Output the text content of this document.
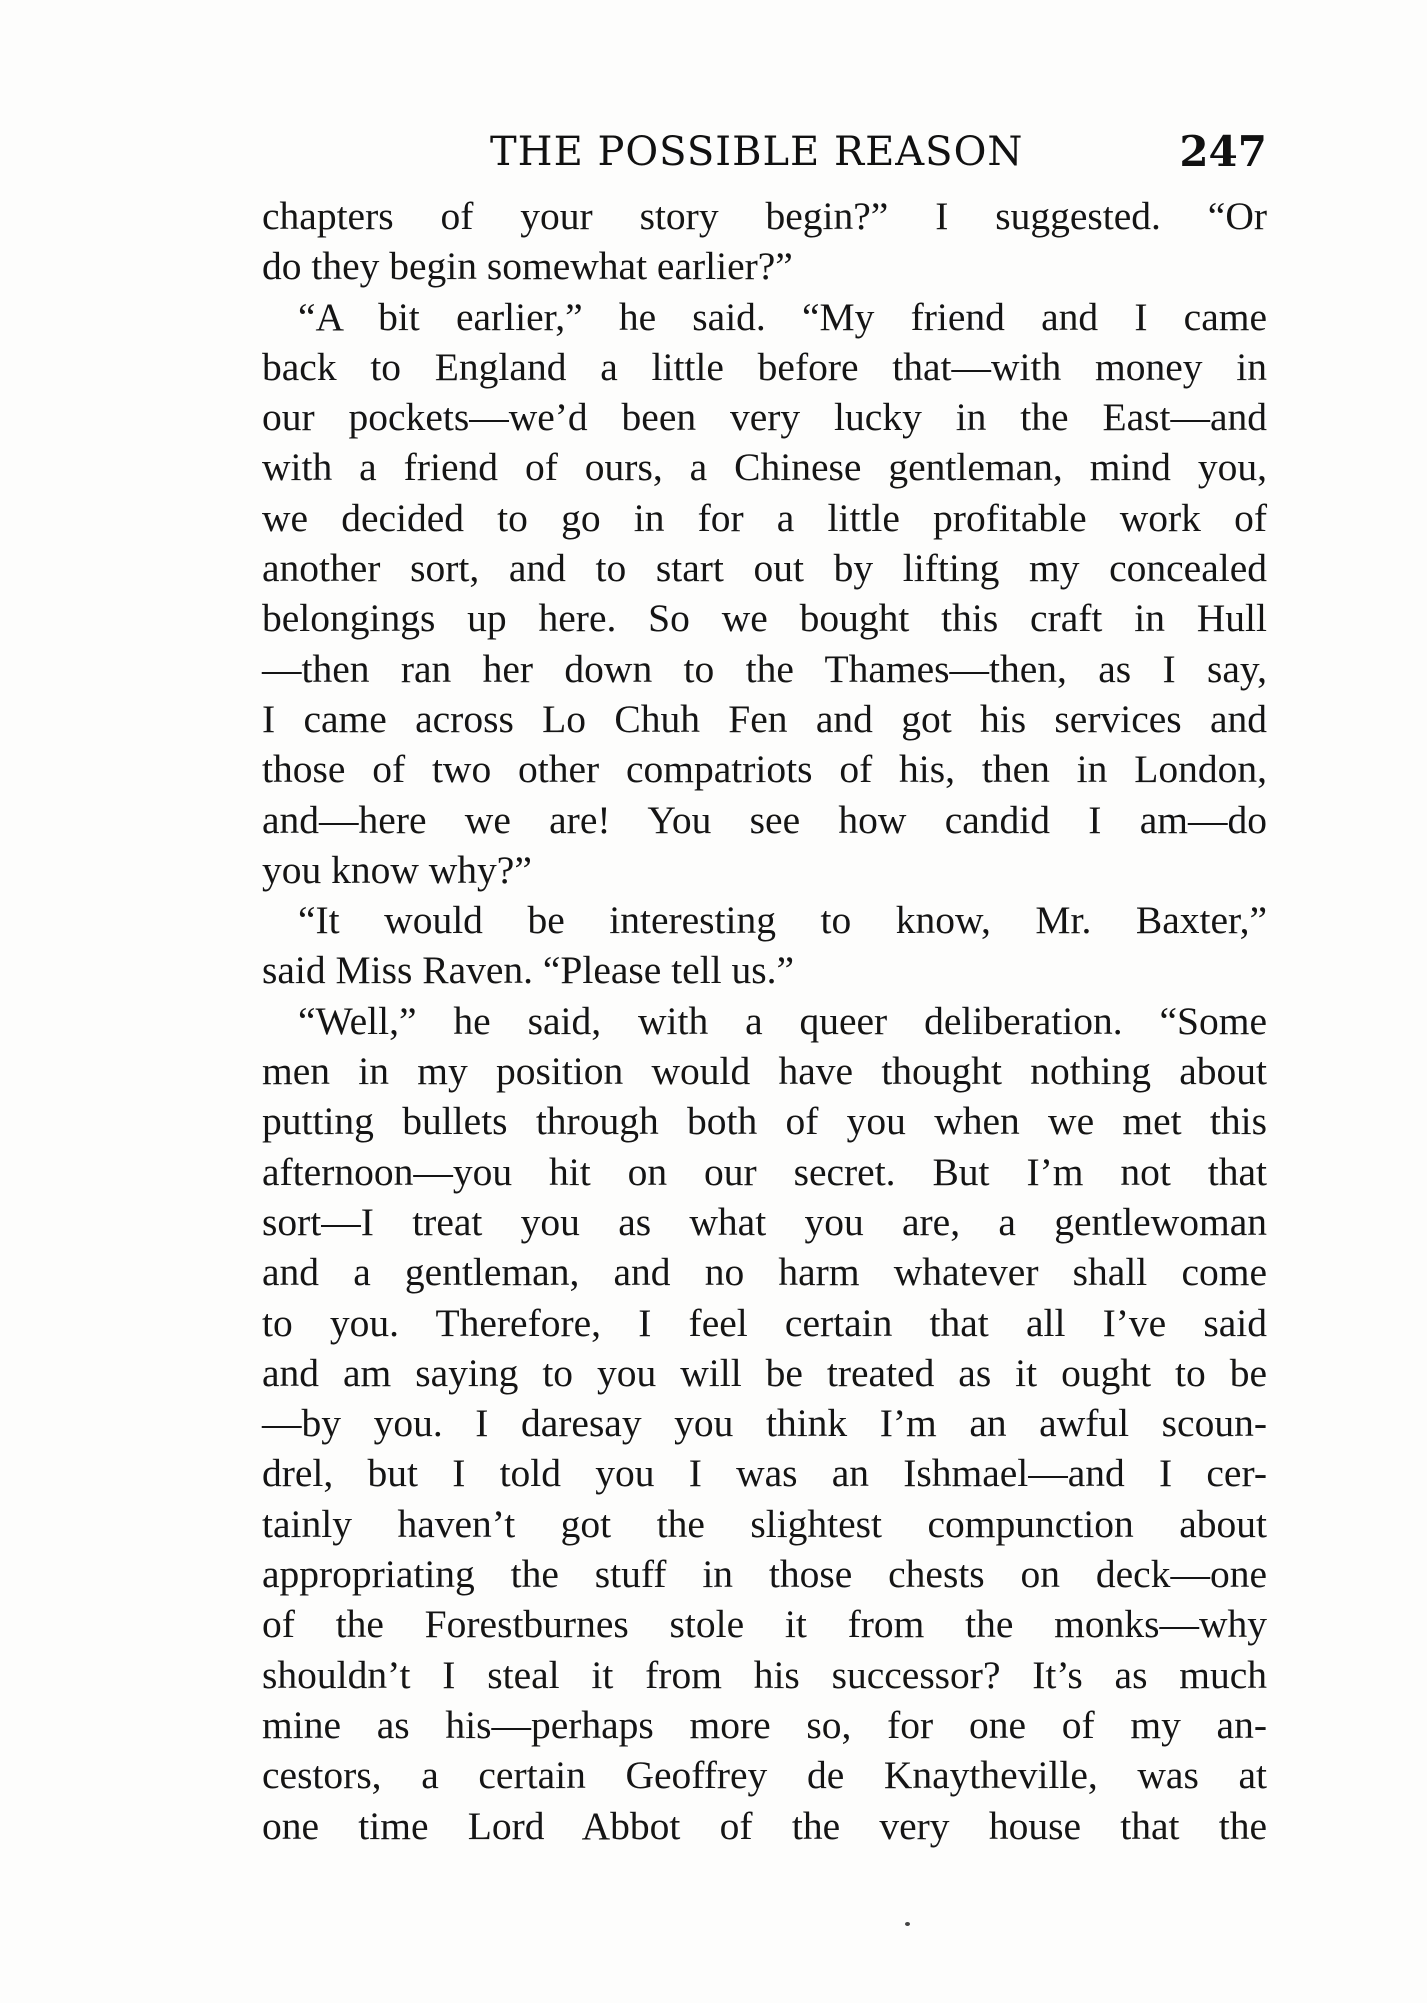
THE POSSIBLE REASON	247
chapters of your story begin?” I suggested. “Or
do they begin somewhat earlier?”
“A bit earlier,” he said. “My friend and I came
back to England a little before that—with money in
our pockets—we’d been very lucky in the East—and
with a friend of ours, a Chinese gentleman, mind you,
we decided to go in for a little profitable work of
another sort, and to start out by lifting my concealed
belongings up here. So we bought this craft in Hull
—then ran her down to the Thames—then, as I say,
I came across Lo Chuh Fen and got his services and
those of two other compatriots of his, then in London,
and—here we are! You see how candid I am—do
you know why?”
“It would be interesting to know, Mr. Baxter,”
said Miss Raven. “Please tell us.”
“Well,” he said, with a queer deliberation. “Some
men in my position would have thought nothing about
putting bullets through both of you when we met this
afternoon—you hit on our secret. But I’m not that
sort—I treat you as what you are, a gentlewoman
and a gentleman, and no harm whatever shall come
to you. Therefore, I feel certain that all I’ve said
and am saying to you will be treated as it ought to be
—by you. I daresay you think I’m an awful scoun-
drel, but I told you I was an Ishmael—and I cer-
tainly haven’t got the slightest compunction about
appropriating the stuff in those chests on deck—one
of the Forestburnes stole it from the monks—why
shouldn’t I steal it from his successor? It’s as much
mine as his—perhaps more so, for one of my an-
cestors, a certain Geoffrey de Knaytheville, was at
one time Lord Abbot of the very house that the
